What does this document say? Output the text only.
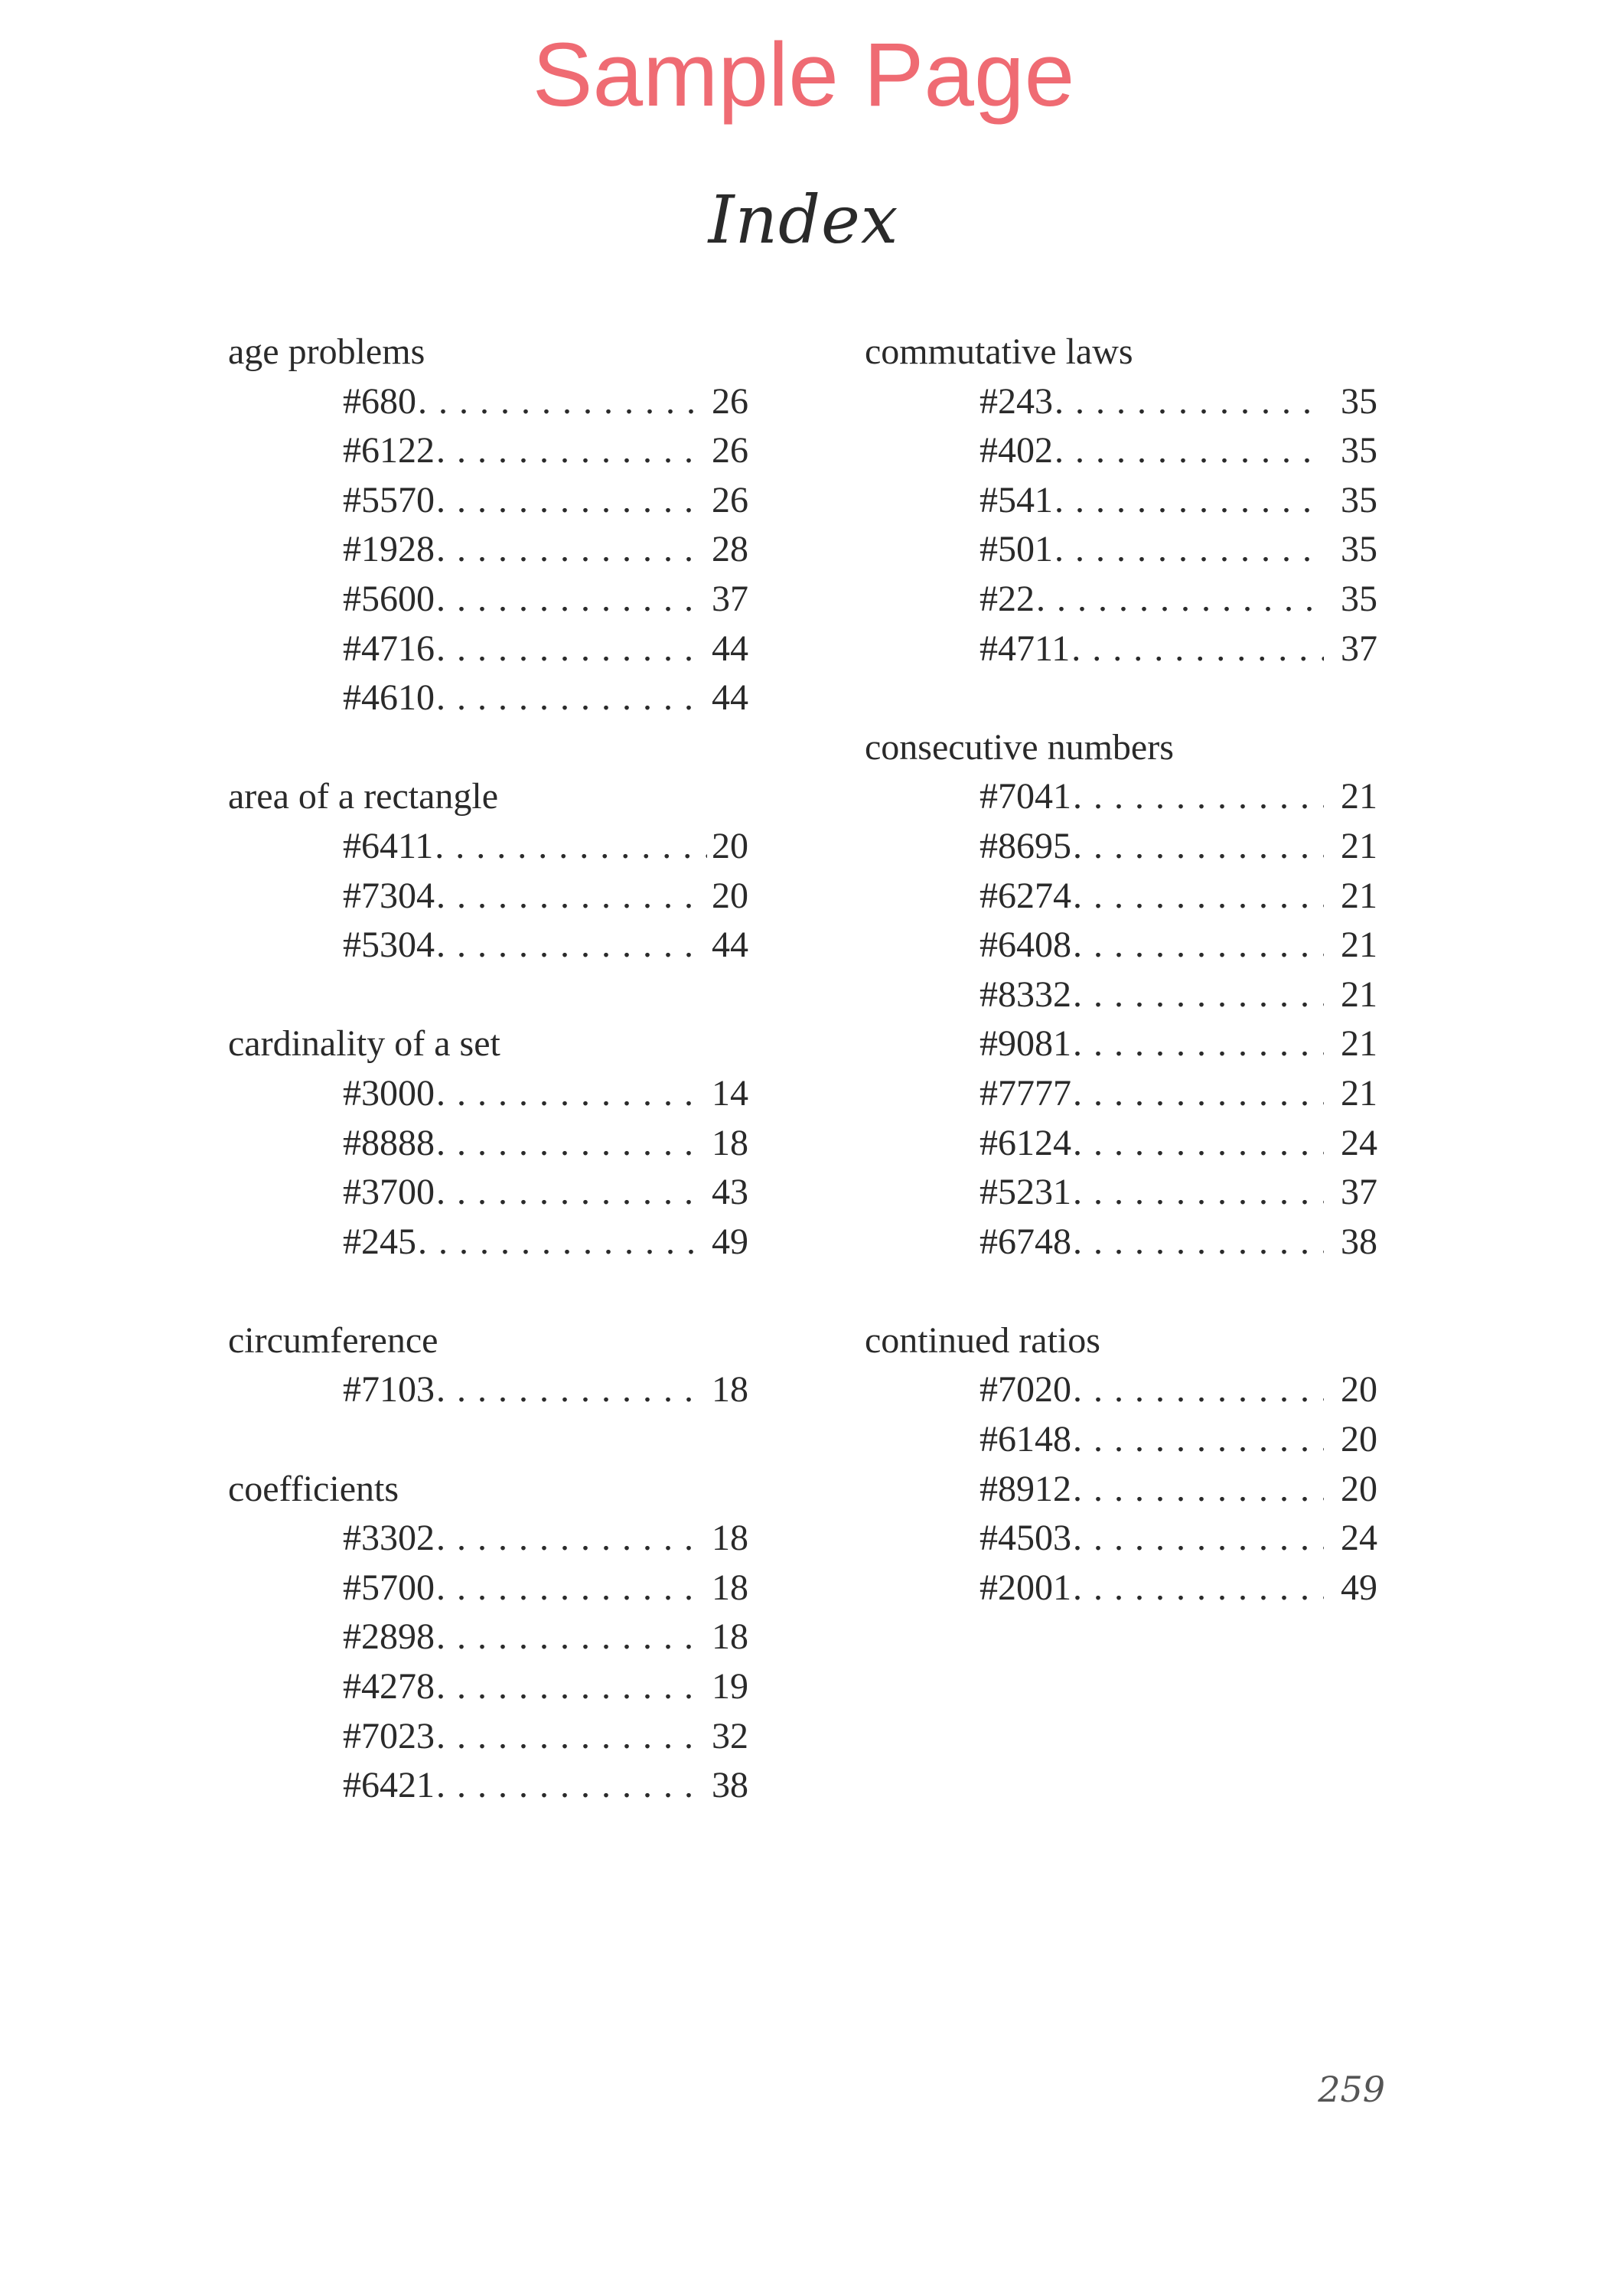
Sample Page
Index
age problems
#680 . . .	26
#6122 . . .	26
#5570 . . .	26
#1928 . . .	28
#5600 . . .	37
#4716 . . .	44
#4610 . . .	44
area of a rectangle
#6411 . . .	20
#7304 . . .	20
#5304 . . .	44
cardinality of a set
#3000 . . .	14
#8888 . . .	18
#3700 . . .	43
#245 . . .	49
circumference
#7103 . . .	18
coefficients
#3302 . . .	18
#5700 . . .	18
#2898 . . .	18
#4278 . . .	19
#7023 . . .	32
#6421 . . .	38
commutative laws
#243 . . .	35
#402 . . .	35
#541 . . .	35
#501 . . .	35
#22 . . .	35
#4711 . . .	37
consecutive numbers
#7041 . . .	21
#8695 . . .	21
#6274 . . .	21
#6408 . . .	21
#8332 . . .	21
#9081 . . .	21
#7777 . . .	21
#6124 . . .	24
#5231 . . .	37
#6748 . . .	38
continued ratios
#7020 . . .	20
#6148 . . .	20
#8912 . . .	20
#4503 . . .	24
#2001 . . .	49
259
